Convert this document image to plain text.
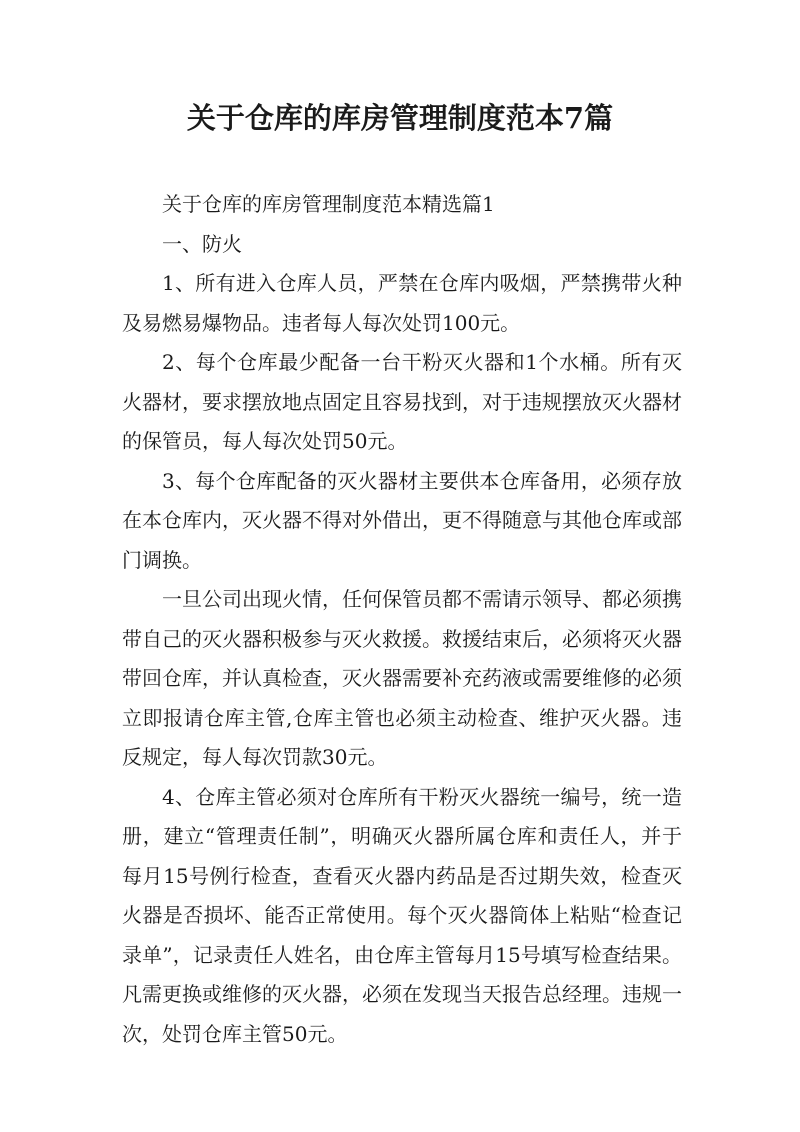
关于仓库的库房管理制度范本7篇

关于仓库的库房管理制度范本精选篇1

一、防火

1、所有进入仓库人员，严禁在仓库内吸烟，严禁携带火种及易燃易爆物品。违者每人每次处罚100元。

2、每个仓库最少配备一台干粉灭火器和1个水桶。所有灭火器材，要求摆放地点固定且容易找到，对于违规摆放灭火器材的保管员，每人每次处罚50元。

3、每个仓库配备的灭火器材主要供本仓库备用，必须存放在本仓库内，灭火器不得对外借出，更不得随意与其他仓库或部门调换。

一旦公司出现火情，任何保管员都不需请示领导、都必须携带自己的灭火器积极参与灭火救援。救援结束后，必须将灭火器带回仓库，并认真检查，灭火器需要补充药液或需要维修的必须立即报请仓库主管,仓库主管也必须主动检查、维护灭火器。违反规定，每人每次罚款30元。

4、仓库主管必须对仓库所有干粉灭火器统一编号，统一造册，建立“管理责任制”，明确灭火器所属仓库和责任人，并于每月15号例行检查，查看灭火器内药品是否过期失效，检查灭火器是否损坏、能否正常使用。每个灭火器筒体上粘贴“检查记录单”，记录责任人姓名，由仓库主管每月15号填写检查结果。凡需更换或维修的灭火器，必须在发现当天报告总经理。违规一次，处罚仓库主管50元。
